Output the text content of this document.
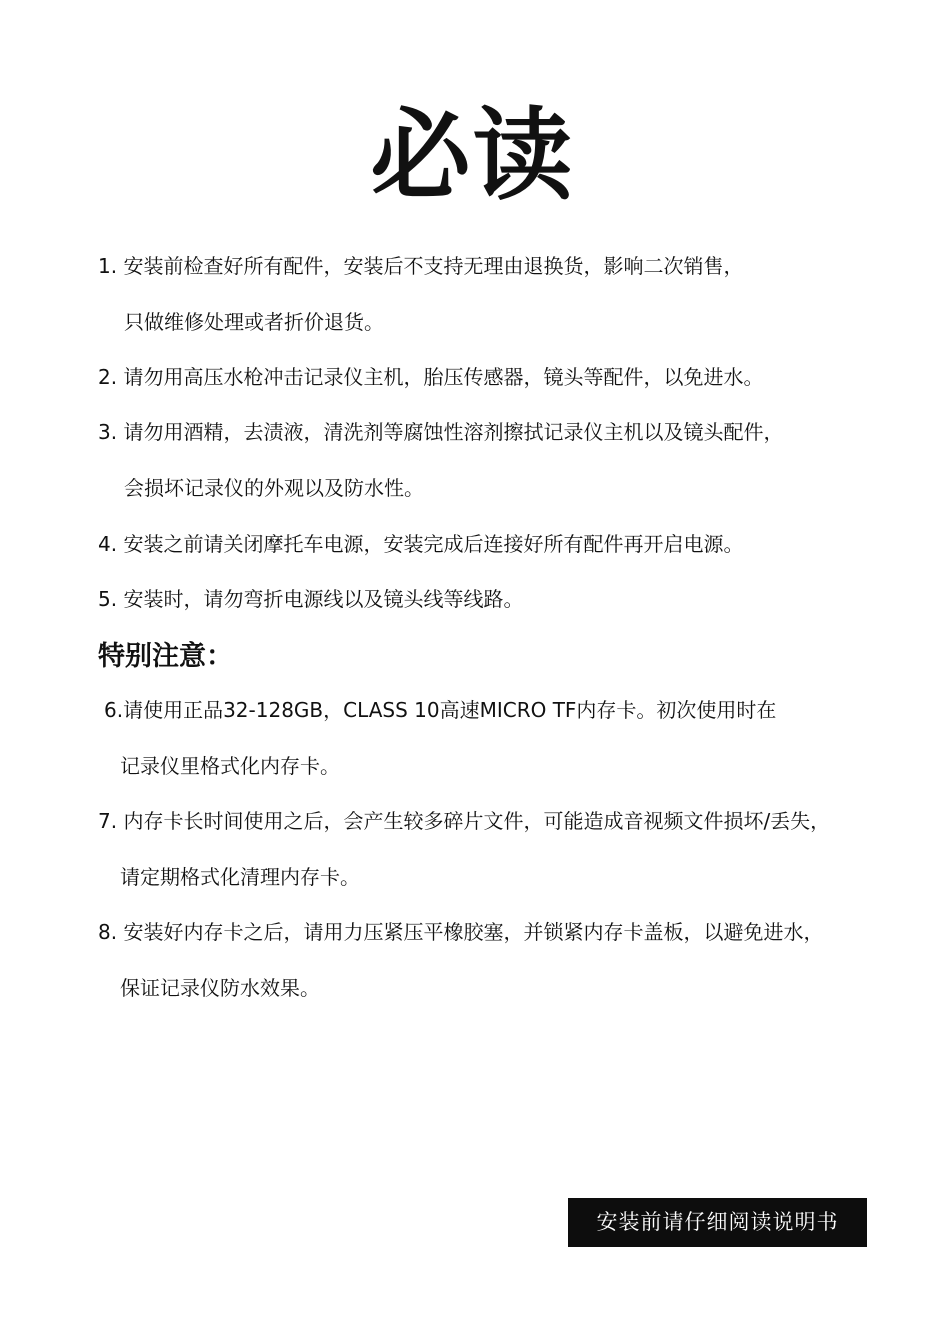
必读

1. 安装前检查好所有配件，安装后不支持无理由退换货，影响二次销售，

只做维修处理或者折价退货。

2. 请勿用高压水枪冲击记录仪主机，胎压传感器，镜头等配件，以免进水。

3. 请勿用酒精，去渍液，清洗剂等腐蚀性溶剂擦拭记录仪主机以及镜头配件，

会损坏记录仪的外观以及防水性。

4. 安装之前请关闭摩托车电源，安装完成后连接好所有配件再开启电源。

5. 安装时，请勿弯折电源线以及镜头线等线路。

特别注意：

6.请使用正品32-128GB，CLASS 10高速MICRO TF内存卡。初次使用时在

记录仪里格式化内存卡。

7. 内存卡长时间使用之后，会产生较多碎片文件，可能造成音视频文件损坏/丢失，

请定期格式化清理内存卡。

8. 安装好内存卡之后，请用力压紧压平橡胶塞，并锁紧内存卡盖板，以避免进水，

保证记录仪防水效果。

安装前请仔细阅读说明书
